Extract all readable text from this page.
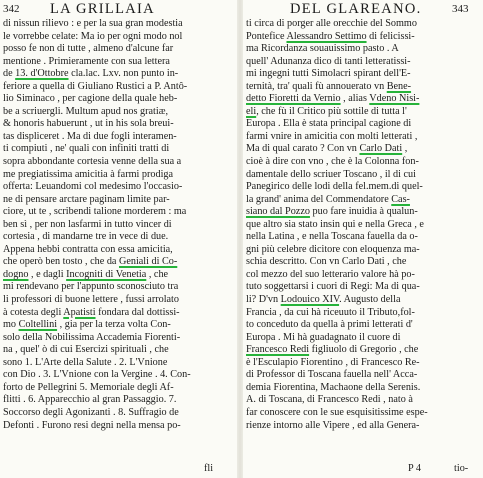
342 LA GRILLAIA
di nissun rilievo : e per la sua gran modestia
le vorrebbe celate: Ma io per ogni modo nol
posso fe non di tutte , almeno d'alcune far
mentione . Primieramente con sua lettera
de 13. d'Ottobre cla.lac. Lxv. non punto in-
feriore a quella di Giuliano Rustici a P. Antô-
lio Siminaco , per cagione della quale heb-
be a scriuergli. Multum apud nos gratiæ,
& honoris habuerunt , ut in his sola breui-
tas displiceret . Ma di due fogli interamen-
ti compiuti , ne' quali con infiniti tratti di
sopra abbondante cortesia venne della sua a
me pregiatissima amicitia à farmi prodiga
offerta: Leuandomi col medesimo l'occasio-
ne di pensare arctare paginam limite par-
ciore, ut te , scribendi talione morderem : ma
ben sì , per non lasfarmi in tutto vincer di
cortesia , di mandarne tre in vece di due.
Appena hebbi contratta con essa amicitia,
che operò ben tosto , che da Geniali di Co-
dogno , e dagli Incogniti di Venetia , che
mi rendevano per l'appunto sconosciuto tra
li professori di buone lettere , fussi arrolato
à cotesta degli Apatisti fondara dal dottissi-
mo Coltellini , gia per la terza volta Con-
solo della Nobilissima Accademia Fiorenti-
na , quel' ò di cui Esercizi spirituali , che
sono 1. L'Arte della Salute . 2. L'Vnione
con Dio . 3. L'Vnione con la Vergine . 4. Con-
forto de Pellegrini 5. Memoriale degli Af-
flitti . 6. Apparecchio al gran Passaggio. 7.
Soccorso degli Agonizanti . 8. Suffragio de
Defonti . Furono resi degni nella mensa po-
fli
DEL GLAREANO.	343
ti circa di porger alle orecchie del Sommo
Pontefice Alessandro Settimo di felicissi-
ma Ricordanza souauissimo pasto . A
quell' Adunanza dico di tanti letteratissi-
mi ingegni tutti Simolacri spirant dell'E-
ternità, tra' quali fù annouerato vn Bene-
detto Fioretti da Vernio , alias Vdeno Nisi-
eli, che fù il Critico più sottile di tutta l'
Europa . Ella è stata principal cagione di
farmi vnire in amicitia con molti letterati ,
Ma di qual carato ? Con vn Carlo Dati ,
cioè à dire con vno , che è la Colonna fon-
damentale dello scriuer Toscano , il di cui
Panegirico delle lodi della fel.mem.di quel-
la grand' anima del Commendatore Cas-
siano dal Pozzo puo fare inuidia à qualun-
que altro sia stato insin qui e nella Greca , e
nella Latina , e nella Toscana fauella da o-
gni più celebre dicitore con eloquenza ma-
schia descritto. Con vn Carlo Dati , che
col mezzo del suo letterario valore hà po-
tuto soggettarsi i cuori di Regi: Ma di qua-
li? D'vn Lodouico XIV. Augusto della
Francia , da cui hà riceuuto il Tributo,fol-
to conceduto da quella à primi letterati d'
Europa . Mi hà guadagnato il cuore di
Francesco Redi figliuolo di Gregorio , che
è l'Esculapio Fiorentino , di Francesco Re-
di Professor di Toscana fauella nell' Acca-
demia Fiorentina, Machaone della Serenis.
A. di Toscana, di Francesco Redi , nato à
far conoscere con le sue esquisitissime espe-
rienze intorno alle Vipere , ed alla Genera-
P 4	tio-
